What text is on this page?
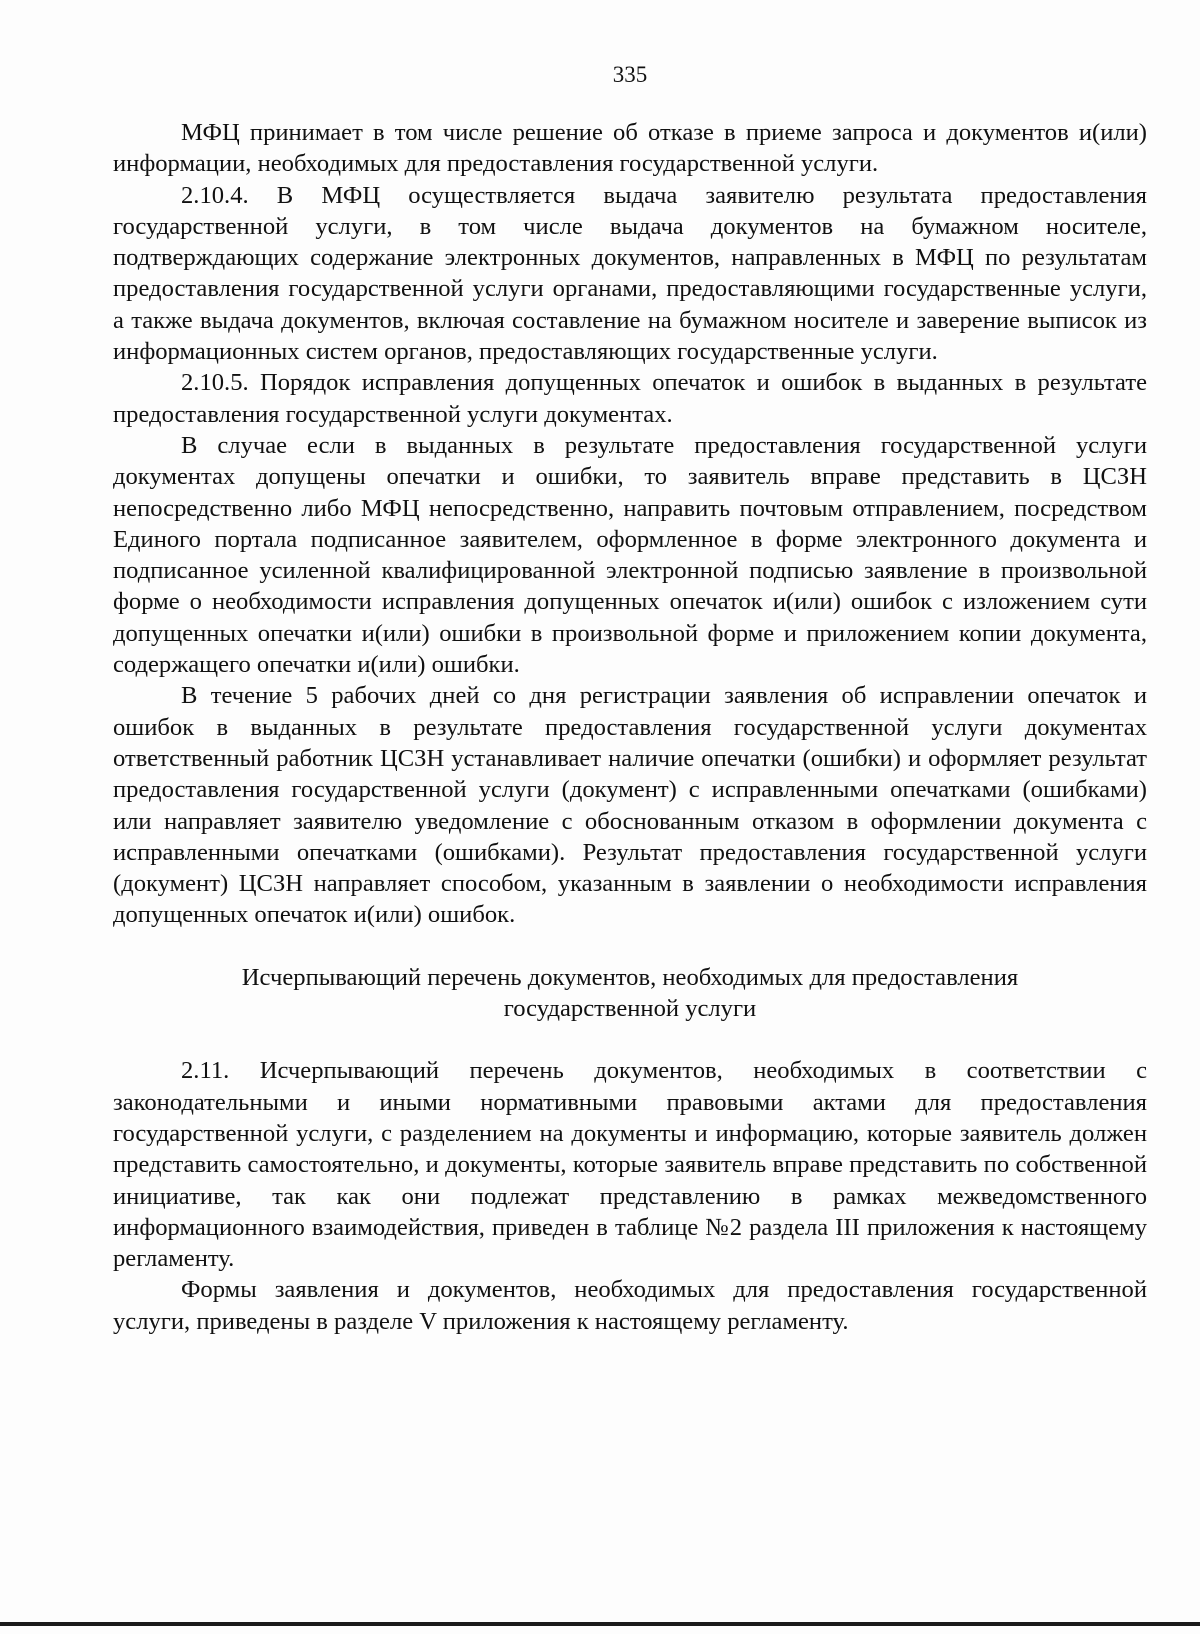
335

МФЦ принимает в том числе решение об отказе в приеме запроса и документов и(или) информации, необходимых для предоставления государственной услуги.

2.10.4. В МФЦ осуществляется выдача заявителю результата предоставления государственной услуги, в том числе выдача документов на бумажном носителе, подтверждающих содержание электронных документов, направленных в МФЦ по результатам предоставления государственной услуги органами, предоставляющими государственные услуги, а также выдача документов, включая составление на бумажном носителе и заверение выписок из информационных систем органов, предоставляющих государственные услуги.

2.10.5. Порядок исправления допущенных опечаток и ошибок в выданных в результате предоставления государственной услуги документах.

В случае если в выданных в результате предоставления государственной услуги документах допущены опечатки и ошибки, то заявитель вправе представить в ЦСЗН непосредственно либо МФЦ непосредственно, направить почтовым отправлением, посредством Единого портала подписанное заявителем, оформленное в форме электронного документа и подписанное усиленной квалифицированной электронной подписью заявление в произвольной форме о необходимости исправления допущенных опечаток и(или) ошибок с изложением сути допущенных опечатки и(или) ошибки в произвольной форме и приложением копии документа, содержащего опечатки и(или) ошибки.

В течение 5 рабочих дней со дня регистрации заявления об исправлении опечаток и ошибок в выданных в результате предоставления государственной услуги документах ответственный работник ЦСЗН устанавливает наличие опечатки (ошибки) и оформляет результат предоставления государственной услуги (документ) с исправленными опечатками (ошибками) или направляет заявителю уведомление с обоснованным отказом в оформлении документа с исправленными опечатками (ошибками). Результат предоставления государственной услуги (документ) ЦСЗН направляет способом, указанным в заявлении о необходимости исправления допущенных опечаток и(или) ошибок.

Исчерпывающий перечень документов, необходимых для предоставления
государственной услуги

2.11. Исчерпывающий перечень документов, необходимых в соответствии с законодательными и иными нормативными правовыми актами для предоставления государственной услуги, с разделением на документы и информацию, которые заявитель должен представить самостоятельно, и документы, которые заявитель вправе представить по собственной инициативе, так как они подлежат представлению в рамках межведомственного информационного взаимодействия, приведен в таблице №2 раздела III приложения к настоящему регламенту.

Формы заявления и документов, необходимых для предоставления государственной услуги, приведены в разделе V приложения к настоящему регламенту.
